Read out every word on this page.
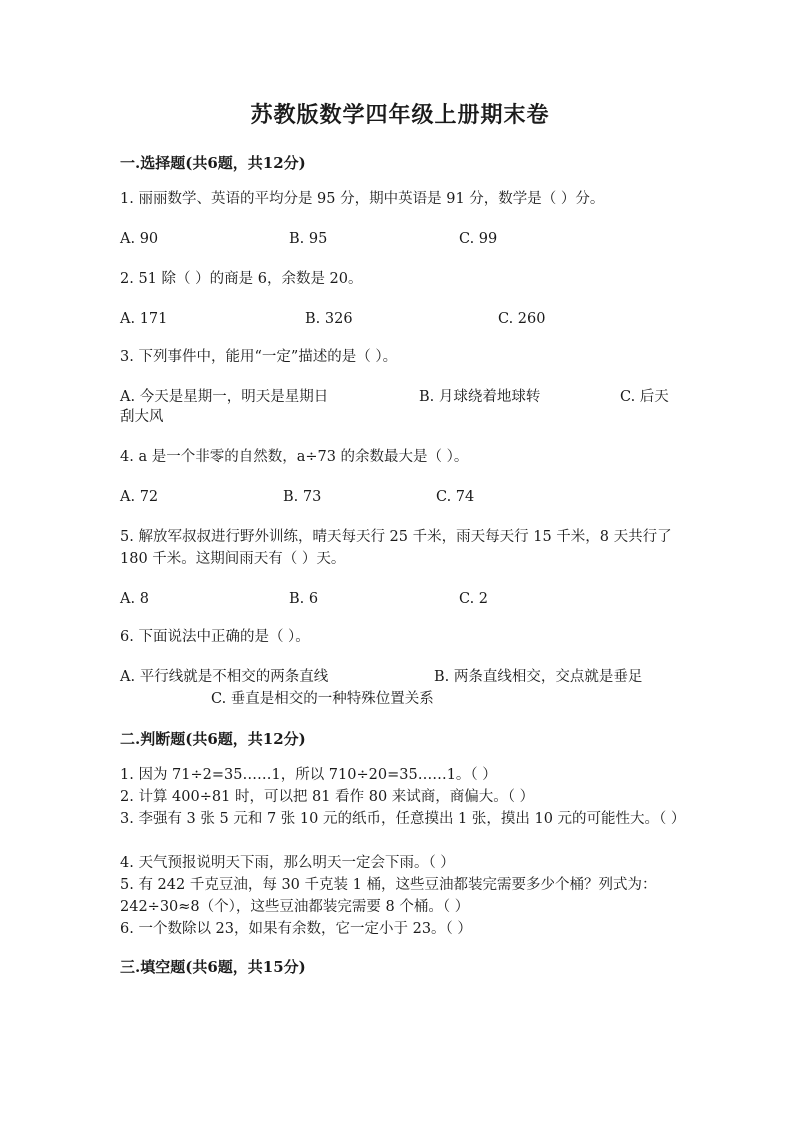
苏教版数学四年级上册期末卷
一.选择题(共6题，共12分)
1. 丽丽数学、英语的平均分是 95 分，期中英语是 91 分，数学是（ ）分。
A. 90	B. 95	C. 99
2. 51 除（ ）的商是 6，余数是 20。
A. 171	B. 326	C. 260
3. 下列事件中，能用“一定”描述的是（ ）。
A. 今天是星期一，明天是星期日	B. 月球绕着地球转	C. 后天
刮大风
4. a 是一个非零的自然数，a÷73 的余数最大是（ ）。
A. 72	B. 73	C. 74
5. 解放军叔叔进行野外训练，晴天每天行 25 千米，雨天每天行 15 千米，8 天共行了 180 千米。这期间雨天有（ ）天。
A. 8	B. 6	C. 2
6. 下面说法中正确的是（ ）。
A. 平行线就是不相交的两条直线	B. 两条直线相交，交点就是垂足
C. 垂直是相交的一种特殊位置关系
二.判断题(共6题，共12分)
1. 因为 71÷2=35……1，所以 710÷20=35……1。（ ）
2. 计算 400÷81 时，可以把 81 看作 80 来试商，商偏大。（ ）
3. 李强有 3 张 5 元和 7 张 10 元的纸币，任意摸出 1 张，摸出 10 元的可能性大。（ ）
4. 天气预报说明天下雨，那么明天一定会下雨。（ ）
5. 有 242 千克豆油，每 30 千克装 1 桶，这些豆油都装完需要多少个桶？列式为：242÷30≈8（个），这些豆油都装完需要 8 个桶。（ ）
6. 一个数除以 23，如果有余数，它一定小于 23。（ ）
三.填空题(共6题，共15分)
